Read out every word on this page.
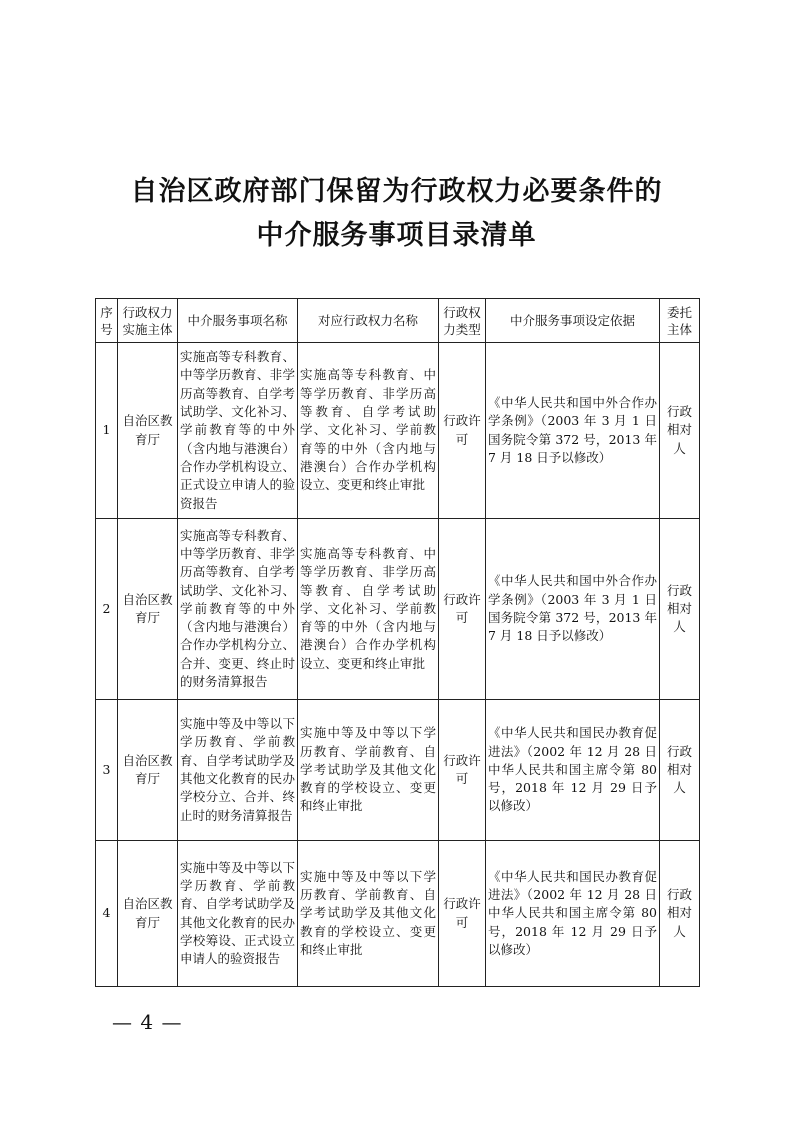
自治区政府部门保留为行政权力必要条件的
中介服务事项目录清单
序号	行政权力实施主体	中介服务事项名称	对应行政权力名称	行政权力类型	中介服务事项设定依据	委托主体
1	自治区教育厅	实施高等专科教育、中等学历教育、非学历高等教育、自学考试助学、文化补习、学前教育等的中外（含内地与港澳台）合作办学机构设立、正式设立申请人的验资报告	实施高等专科教育、中等学历教育、非学历高等教育、自学考试助学、文化补习、学前教育等的中外（含内地与港澳台）合作办学机构设立、变更和终止审批	行政许可	《中华人民共和国中外合作办学条例》（2003 年 3 月 1 日国务院令第 372 号，2013 年 7 月 18 日予以修改）	行政相对人
2	自治区教育厅	实施高等专科教育、中等学历教育、非学历高等教育、自学考试助学、文化补习、学前教育等的中外（含内地与港澳台）合作办学机构分立、合并、变更、终止时的财务清算报告	实施高等专科教育、中等学历教育、非学历高等教育、自学考试助学、文化补习、学前教育等的中外（含内地与港澳台）合作办学机构设立、变更和终止审批	行政许可	《中华人民共和国中外合作办学条例》（2003 年 3 月 1 日国务院令第 372 号，2013 年 7 月 18 日予以修改）	行政相对人
3	自治区教育厅	实施中等及中等以下学历教育、学前教育、自学考试助学及其他文化教育的民办学校分立、合并、终止时的财务清算报告	实施中等及中等以下学历教育、学前教育、自学考试助学及其他文化教育的学校设立、变更和终止审批	行政许可	《中华人民共和国民办教育促进法》（2002 年 12 月 28 日中华人民共和国主席令第 80 号，2018 年 12 月 29 日予以修改）	行政相对人
4	自治区教育厅	实施中等及中等以下学历教育、学前教育、自学考试助学及其他文化教育的民办学校筹设、正式设立申请人的验资报告	实施中等及中等以下学历教育、学前教育、自学考试助学及其他文化教育的学校设立、变更和终止审批	行政许可	《中华人民共和国民办教育促进法》（2002 年 12 月 28 日中华人民共和国主席令第 80 号，2018 年 12 月 29 日予以修改）	行政相对人
— 4 —
